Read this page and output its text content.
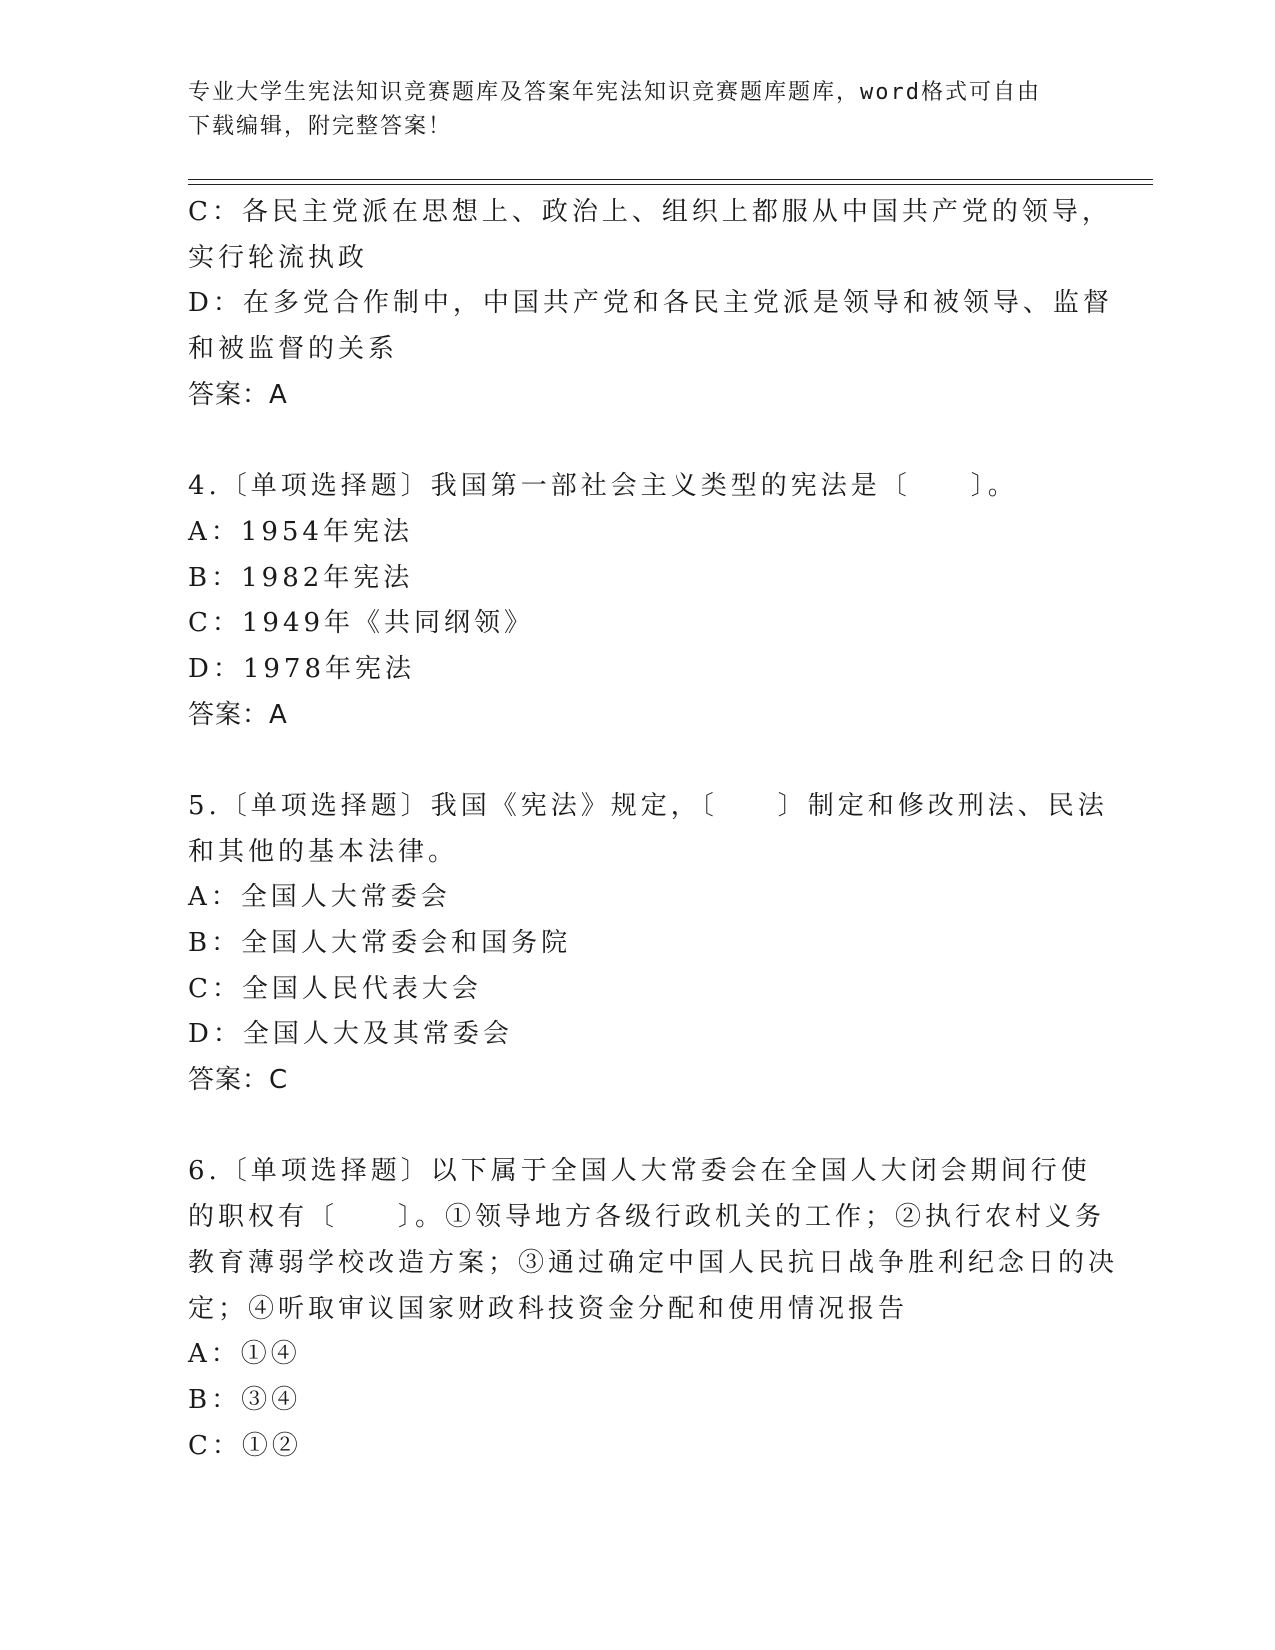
专业大学生宪法知识竞赛题库及答案年宪法知识竞赛题库题库，word格式可自由
下载编辑，附完整答案！
C：各民主党派在思想上、政治上、组织上都服从中国共产党的领导，
实行轮流执政
D：在多党合作制中，中国共产党和各民主党派是领导和被领导、监督
和被监督的关系
答案：A
4.〔单项选择题〕我国第一部社会主义类型的宪法是〔　　〕。
A：1954年宪法
B：1982年宪法
C：1949年《共同纲领》
D：1978年宪法
答案：A
5.〔单项选择题〕我国《宪法》规定，〔　　〕制定和修改刑法、民法
和其他的基本法律。
A：全国人大常委会
B：全国人大常委会和国务院
C：全国人民代表大会
D：全国人大及其常委会
答案：C
6.〔单项选择题〕以下属于全国人大常委会在全国人大闭会期间行使
的职权有〔　　〕。①领导地方各级行政机关的工作；②执行农村义务
教育薄弱学校改造方案；③通过确定中国人民抗日战争胜利纪念日的决
定；④听取审议国家财政科技资金分配和使用情况报告
A：①④
B：③④
C：①②
